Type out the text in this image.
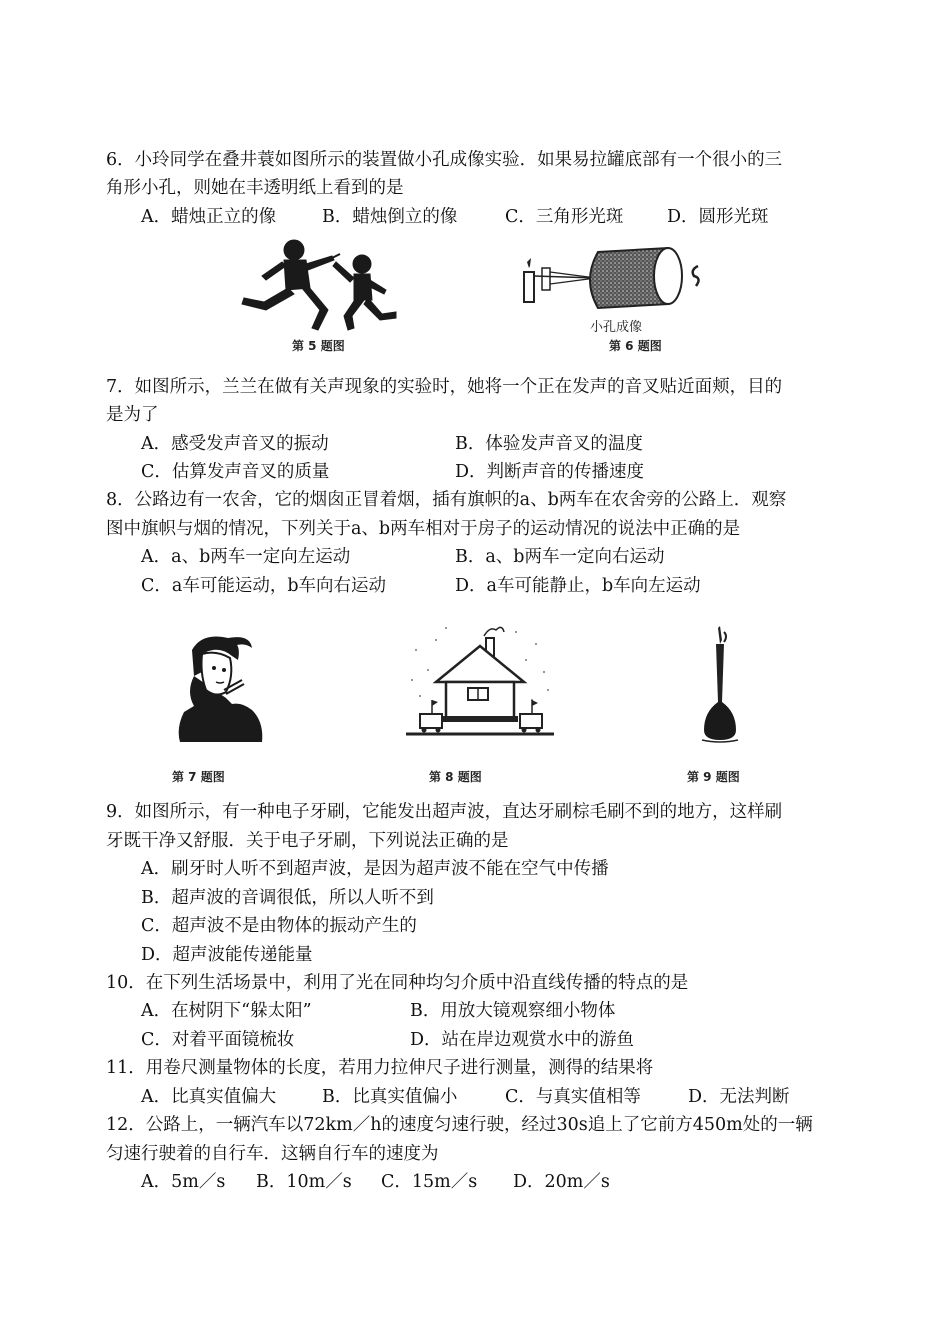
6．小玲同学在叠井蓑如图所示的装置做小孔成像实验．如果易拉罐底部有一个很小的三
角形小孔，则她在丰透明纸上看到的是
A．蜡烛正立的像	B．蜡烛倒立的像	C．三角形光斑 D．圆形光斑
第 5 题图
小孔成像
第 6 题图
7．如图所示，兰兰在做有关声现象的实验时，她将一个正在发声的音叉贴近面颊，目的
是为了
A．感受发声音叉的振动	B．体验发声音叉的温度
C．估算发声音叉的质量	D．判断声音的传播速度
8．公路边有一农舍，它的烟囱正冒着烟，插有旗帜的a、b两车在农舍旁的公路上．观察
图中旗帜与烟的情况，下列关于a、b两车相对于房子的运动情况的说法中正确的是
A．a、b两车一定向左运动	B．a、b两车一定向右运动
C．a车可能运动，b车向右运动	D．a车可能静止，b车向左运动
第 7 题图	第 8 题图	第 9 题图
9．如图所示，有一种电子牙刷，它能发出超声波，直达牙刷棕毛刷不到的地方，这样刷
牙既干净又舒服．关于电子牙刷，下列说法正确的是
A．刷牙时人听不到超声波，是因为超声波不能在空气中传播
B．超声波的音调很低，所以人听不到
C．超声波不是由物体的振动产生的
D．超声波能传递能量
10．在下列生活场景中，利用了光在同种均匀介质中沿直线传播的特点的是
A．在树阴下“躲太阳”	B．用放大镜观察细小物体
C．对着平面镜梳妆	D．站在岸边观赏水中的游鱼
11．用卷尺测量物体的长度，若用力拉伸尺子进行测量，测得的结果将
A．比真实值偏大	B．比真实值偏小	C．与真实值相等	D．无法判断
12．公路上，一辆汽车以72km／h的速度匀速行驶，经过30s追上了它前方450m处的一辆
匀速行驶着的自行车．这辆自行车的速度为
A．5m／s B．10m／s C．15m／s D．20m／s
